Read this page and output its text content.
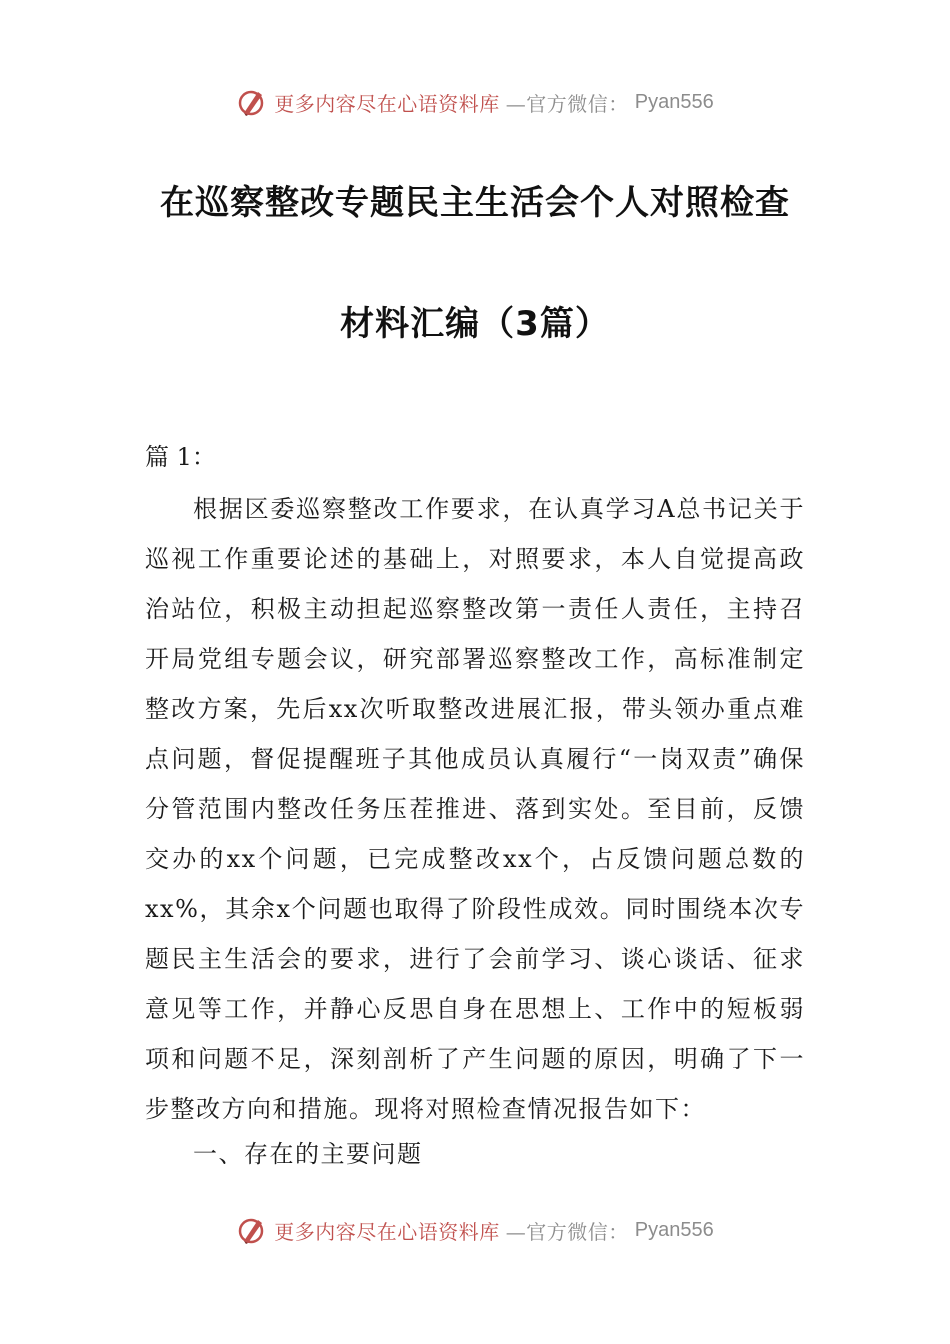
更多内容尽在心语资料库 —官方微信： Pyan556
在巡察整改专题民主生活会个人对照检查
材料汇编（3篇）
篇 1：
根据区委巡察整改工作要求，在认真学习A总书记关于巡视工作重要论述的基础上，对照要求，本人自觉提高政治站位，积极主动担起巡察整改第一责任人责任，主持召开局党组专题会议，研究部署巡察整改工作，高标准制定整改方案，先后xx次听取整改进展汇报，带头领办重点难点问题，督促提醒班子其他成员认真履行“一岗双责”确保分管范围内整改任务压茬推进、落到实处。至目前，反馈交办的xx个问题，已完成整改xx个，占反馈问题总数的xx%，其余x个问题也取得了阶段性成效。同时围绕本次专题民主生活会的要求，进行了会前学习、谈心谈话、征求意见等工作，并静心反思自身在思想上、工作中的短板弱项和问题不足，深刻剖析了产生问题的原因，明确了下一步整改方向和措施。现将对照检查情况报告如下：
一、存在的主要问题
更多内容尽在心语资料库 —官方微信： Pyan556
